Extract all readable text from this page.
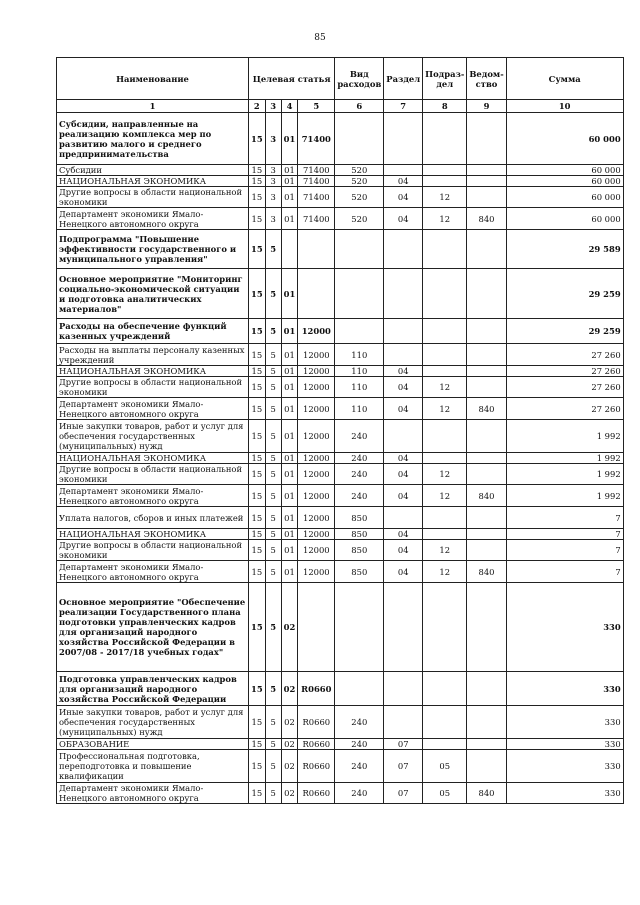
85
Наименование	Целевая статья				Вид расходов	Раздел	Подраз-дел	Ведом-ство	Сумма
1	2	3	4	5	6	7	8	9	10
Субсидии, направленные на реализацию комплекса мер по развитию малого и среднего предпринимательства	15	3	01	71400					60 000
Субсидии	15	3	01	71400	520				60 000
НАЦИОНАЛЬНАЯ ЭКОНОМИКА	15	3	01	71400	520	04			60 000
Другие вопросы в области национальной экономики	15	3	01	71400	520	04	12		60 000
Департамент экономики Ямало-Ненецкого автономного округа	15	3	01	71400	520	04	12	840	60 000
Подпрограмма "Повышение эффективности государственного и муниципального управления"	15	5							29 589
Основное мероприятие "Мониторинг социально-экономической ситуации и подготовка аналитических материалов"	15	5	01						29 259
Расходы на обеспечение функций казенных учреждений	15	5	01	12000					29 259
Расходы на выплаты персоналу казенных учреждений	15	5	01	12000	110				27 260
НАЦИОНАЛЬНАЯ ЭКОНОМИКА	15	5	01	12000	110	04			27 260
Другие вопросы в области национальной экономики	15	5	01	12000	110	04	12		27 260
Департамент экономики Ямало-Ненецкого автономного округа	15	5	01	12000	110	04	12	840	27 260
Иные закупки товаров, работ и услуг для обеспечения государственных (муниципальных) нужд	15	5	01	12000	240				1 992
НАЦИОНАЛЬНАЯ ЭКОНОМИКА	15	5	01	12000	240	04			1 992
Другие вопросы в области национальной экономики	15	5	01	12000	240	04	12		1 992
Департамент экономики Ямало-Ненецкого автономного округа	15	5	01	12000	240	04	12	840	1 992
Уплата налогов, сборов и иных платежей	15	5	01	12000	850				7
НАЦИОНАЛЬНАЯ ЭКОНОМИКА	15	5	01	12000	850	04			7
Другие вопросы в области национальной экономики	15	5	01	12000	850	04	12		7
Департамент экономики Ямало-Ненецкого автономного округа	15	5	01	12000	850	04	12	840	7
Основное мероприятие "Обеспечение реализации Государственного плана подготовки управленческих кадров для организаций народного хозяйства Российской Федерации в 2007/08 - 2017/18 учебных годах"	15	5	02						330
Подготовка управленческих кадров для организаций народного хозяйства Российской Федерации	15	5	02	R0660					330
Иные закупки товаров, работ и услуг для обеспечения государственных (муниципальных) нужд	15	5	02	R0660	240				330
ОБРАЗОВАНИЕ	15	5	02	R0660	240	07			330
Профессиональная подготовка, переподготовка и повышение квалификации	15	5	02	R0660	240	07	05		330
Департамент экономики Ямало-Ненецкого автономного округа	15	5	02	R0660	240	07	05	840	330
